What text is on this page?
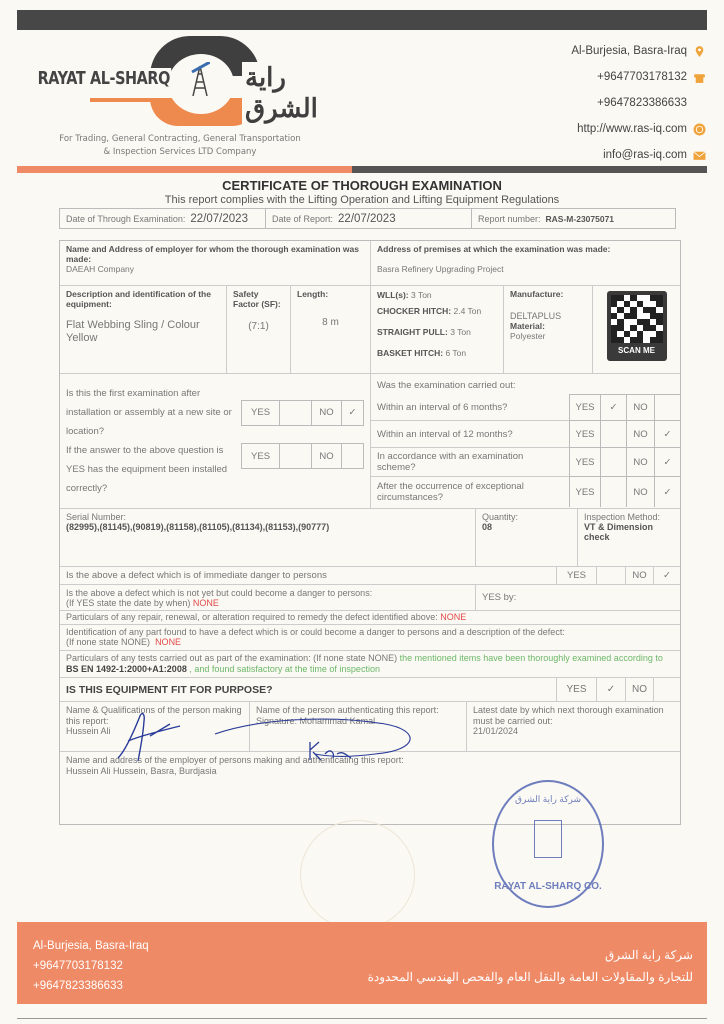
RAYAT AL-SHARQ	راية الشرق
For Trading, General Contracting, General Transportation
& Inspection Services LTD Company
Al-Burjesia, Basra-Iraq
+9647703178132
+9647823386633
http://www.ras-iq.com
info@ras-iq.com
CERTIFICATE OF THOROUGH EXAMINATION
This report complies with the Lifting Operation and Lifting Equipment Regulations
Date of Through Examination: 22/07/2023	Date of Report: 22/07/2023	Report number: RAS-M-23075071
Name and Address of employer for whom the thorough examination was made:
DAEAH Company
Address of premises at which the examination was made:
Basra Refinery Upgrading Project
Description and identification of the equipment:
Flat Webbing Sling / Colour Yellow
Safety Factor (SF):
(7:1)
Length:
8 m
WLL(s): 3 Ton
CHOCKER HITCH: 2.4 Ton
STRAIGHT PULL: 3 Ton
BASKET HITCH: 6 Ton
Manufacture:
DELTAPLUS
Material:
Polyester
SCAN ME
Is this the first examination after installation or assembly at a new site or location?
YES	NO	✓
If the answer to the above question is YES has the equipment been installed correctly?
YES	NO
Was the examination carried out:
Within an interval of 6 months?	YES	✓	NO
Within an interval of 12 months?	YES	NO	✓
In accordance with an examination scheme?	YES	NO	✓
After the occurrence of exceptional circumstances?	YES	NO	✓
Serial Number:
(82995),(81145),(90819),(81158),(81105),(81134),(81153),(90777)
Quantity:
08
Inspection Method:
VT & Dimension check
Is the above a defect which is of immediate danger to persons	YES	NO	✓
Is the above a defect which is not yet but could become a danger to persons:
(If YES state the date by when) NONE	YES by:
Particulars of any repair, renewal, or alteration required to remedy the defect identified above: NONE
Identification of any part found to have a defect which is or could become a danger to persons and a description of the defect:
(If none state NONE) NONE
Particulars of any tests carried out as part of the examination: (If none state NONE) the mentioned items have been thoroughly examined according to BS EN 1492-1:2000+A1:2008 , and found satisfactory at the time of inspection
IS THIS EQUIPMENT FIT FOR PURPOSE?	YES	✓	NO
Name & Qualifications of the person making this report:
Hussein Ali
Name of the person authenticating this report:
Signature: Mohammad Kamal
Latest date by which next thorough examination must be carried out:
21/01/2024
Name and address of the employer of persons making and authenticating this report:
Hussein Ali Hussein, Basra, Burdjasia
شركة راية الشرق
RAYAT AL-SHARQ CO.
Al-Burjesia, Basra-Iraq
+9647703178132
+9647823386633
شركة راية الشرق
للتجارة والمقاولات العامة والنقل العام والفحص الهندسي المحدودة
